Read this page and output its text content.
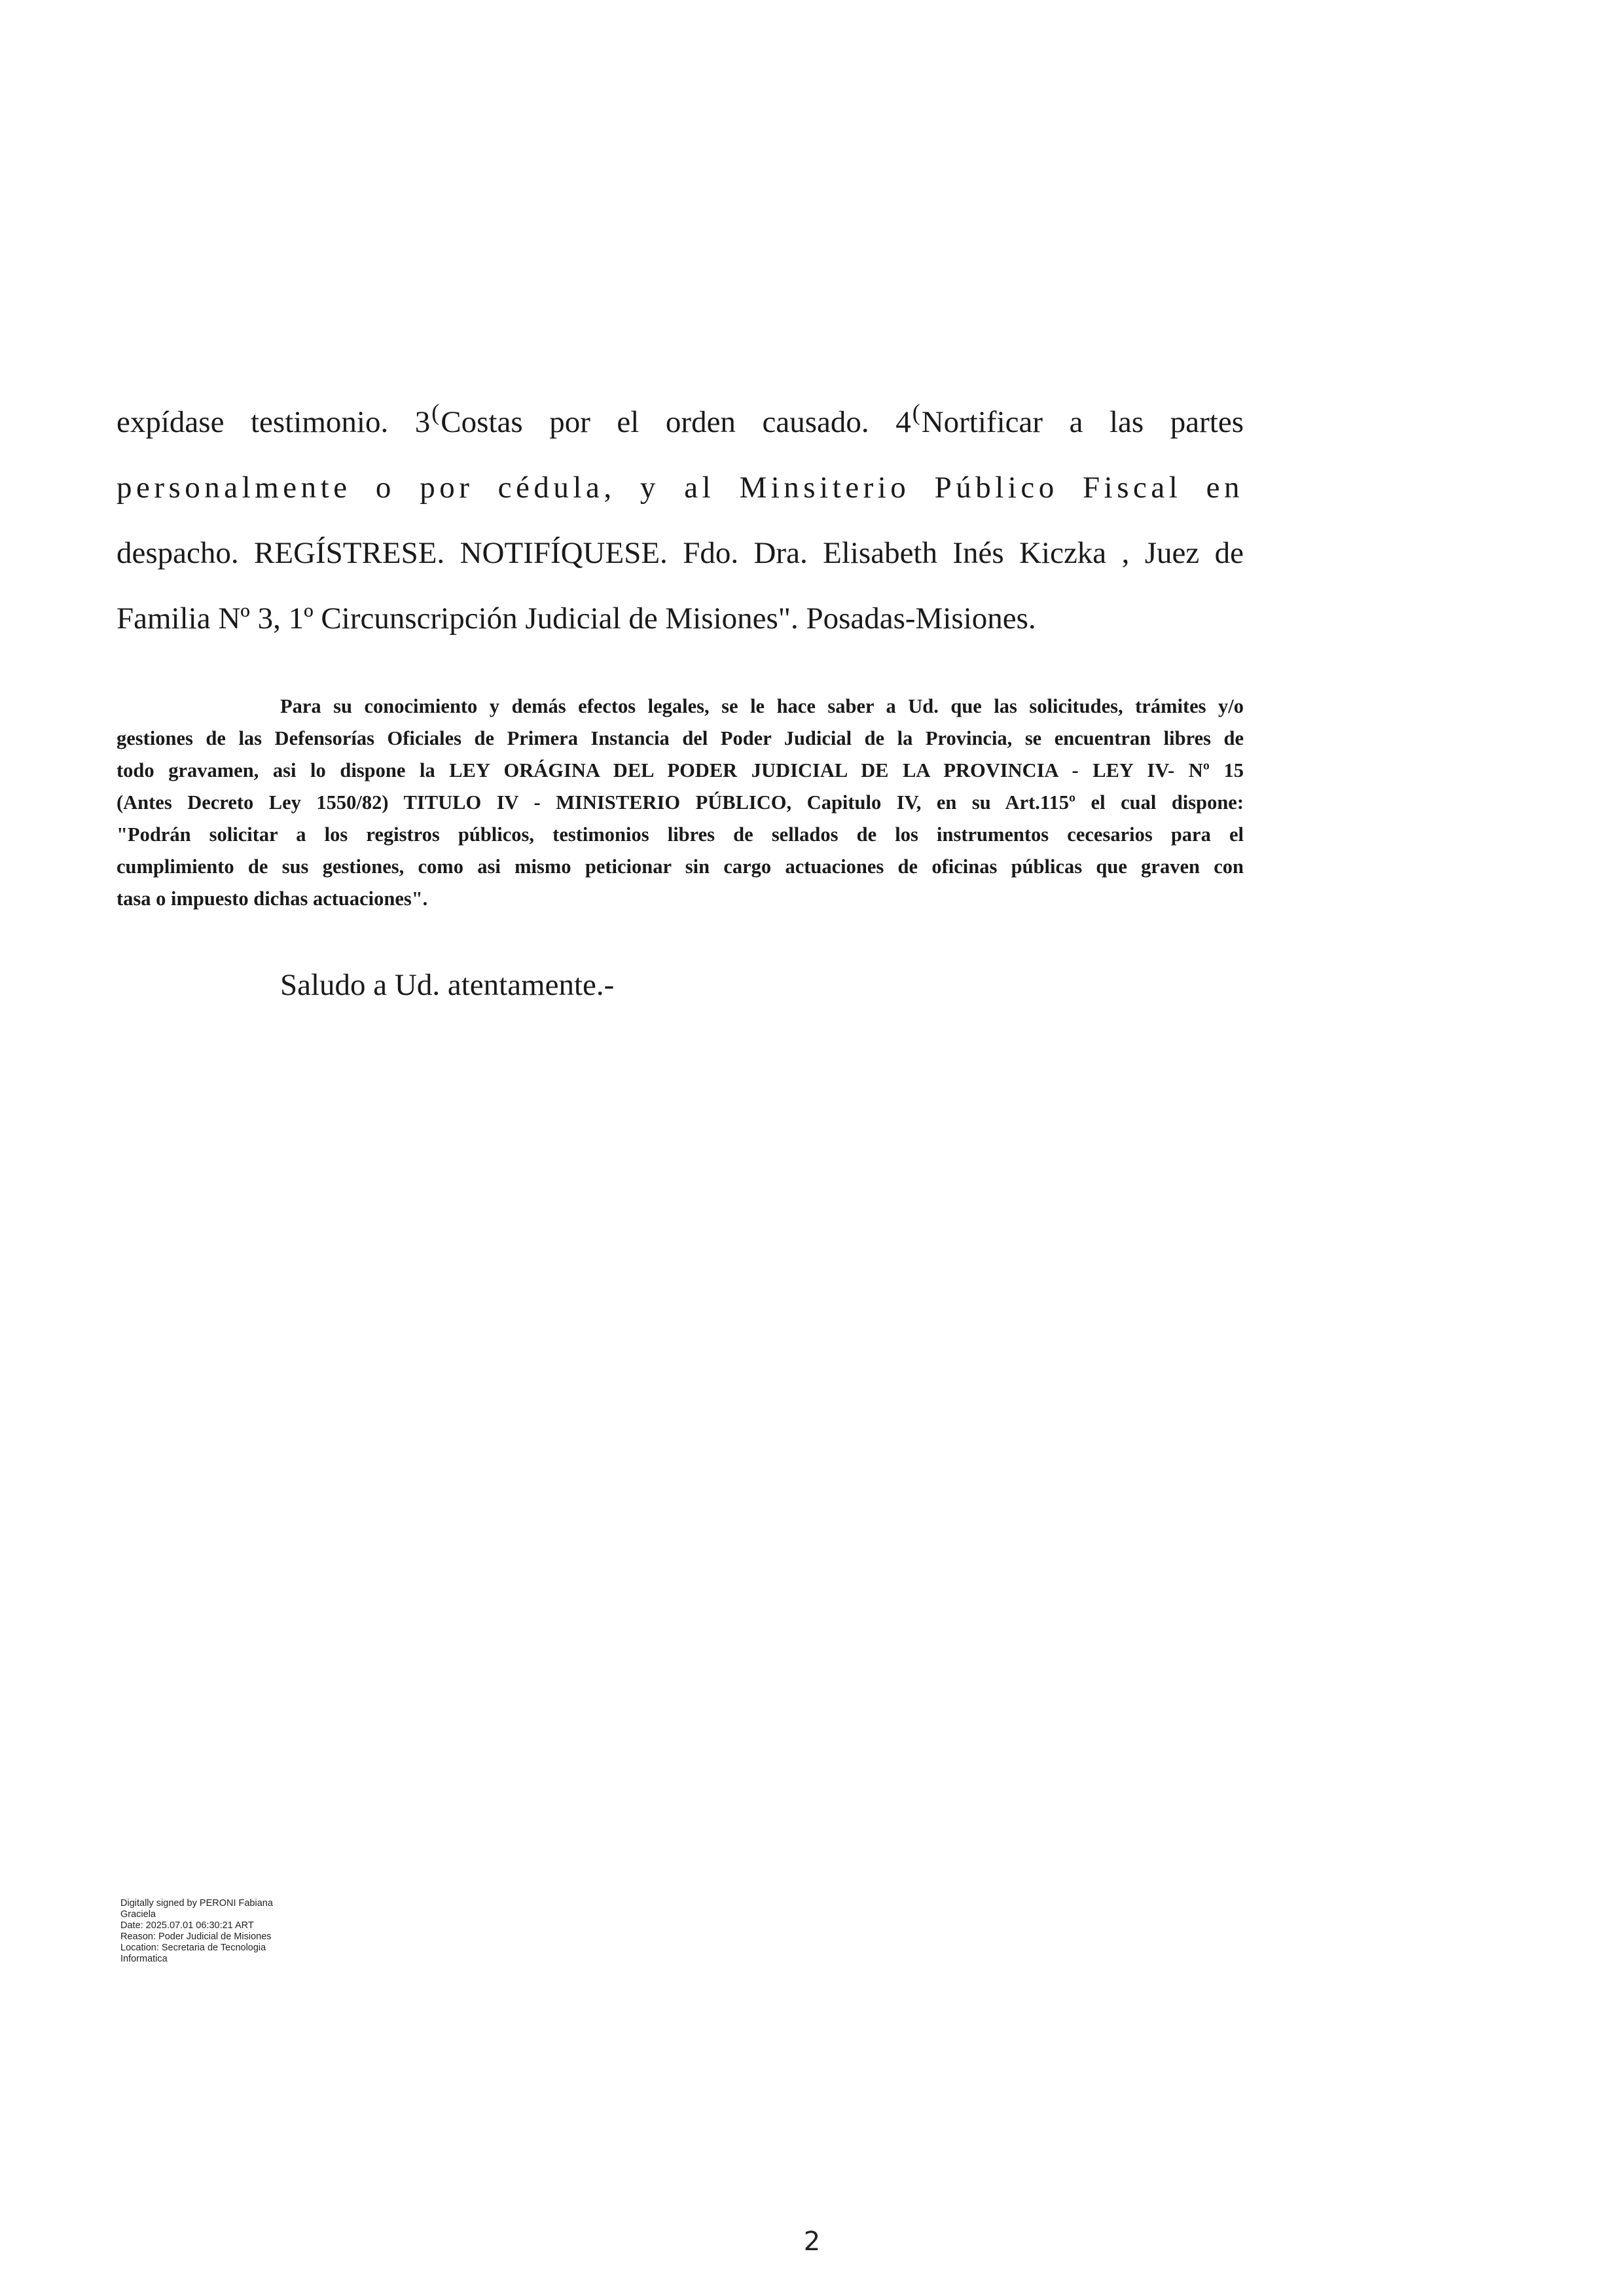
expídase testimonio. 3(Costas por el orden causado. 4(Nortificar a las partes
personalmente o por cédula, y al Minsiterio Público Fiscal en
despacho. REGÍSTRESE. NOTIFÍQUESE. Fdo. Dra. Elisabeth Inés Kiczka , Juez de
Familia Nº 3, 1º Circunscripción Judicial de Misiones". Posadas-Misiones.
Para su conocimiento y demás efectos legales, se le hace saber a Ud. que las solicitudes, trámites y/o
gestiones de las Defensorías Oficiales de Primera Instancia del Poder Judicial de la Provincia, se encuentran libres de
todo gravamen, asi lo dispone la LEY ORÁGINA DEL PODER JUDICIAL DE LA PROVINCIA - LEY IV- Nº 15
(Antes Decreto Ley 1550/82) TITULO IV - MINISTERIO PÚBLICO, Capitulo IV, en su Art.115º el cual dispone:
"Podrán solicitar a los registros públicos, testimonios libres de sellados de los instrumentos cecesarios para el
cumplimiento de sus gestiones, como asi mismo peticionar sin cargo actuaciones de oficinas públicas que graven con
tasa o impuesto dichas actuaciones".
Saludo a Ud. atentamente.-
Digitally signed by PERONI Fabiana
Graciela
Date: 2025.07.01 06:30:21 ART
Reason: Poder Judicial de Misiones
Location: Secretaria de Tecnologia
Informatica
2
